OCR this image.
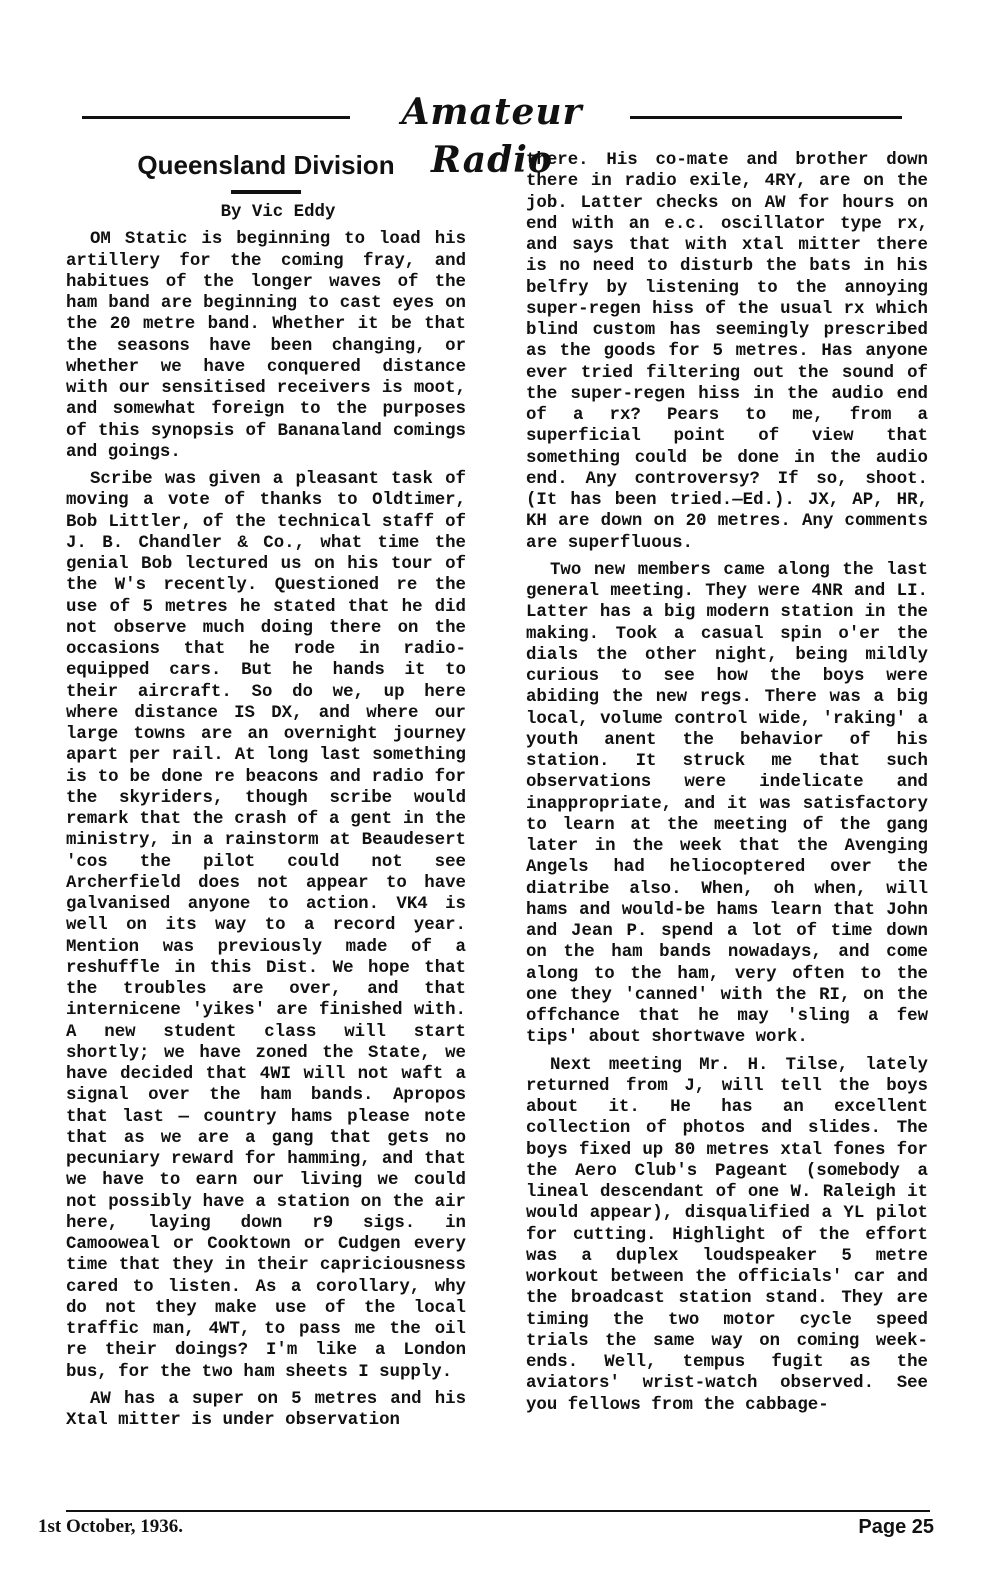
Amateur Radio
Queensland Division

By Vic Eddy

OM Static is beginning to load his artillery for the coming fray, and habitues of the longer waves of the ham band are beginning to cast eyes on the 20 metre band. Whether it be that the seasons have been changing, or whether we have conquered distance with our sensitised receivers is moot, and somewhat foreign to the purposes of this synopsis of Bananaland comings and goings.

Scribe was given a pleasant task of moving a vote of thanks to Oldtimer, Bob Littler, of the technical staff of J. B. Chandler & Co., what time the genial Bob lectured us on his tour of the W's recently. Questioned re the use of 5 metres he stated that he did not observe much doing there on the occasions that he rode in radio-equipped cars. But he hands it to their aircraft. So do we, up here where distance IS DX, and where our large towns are an overnight journey apart per rail. At long last something is to be done re beacons and radio for the skyriders, though scribe would remark that the crash of a gent in the ministry, in a rainstorm at Beaudesert 'cos the pilot could not see Archerfield does not appear to have galvanised anyone to action. VK4 is well on its way to a record year. Mention was previously made of a reshuffle in this Dist. We hope that the troubles are over, and that internicene 'yikes' are finished with. A new student class will start shortly; we have zoned the State, we have decided that 4WI will not waft a signal over the ham bands. Apropos that last — country hams please note that as we are a gang that gets no pecuniary reward for hamming, and that we have to earn our living we could not possibly have a station on the air here, laying down r9 sigs. in Camooweal or Cooktown or Cudgen every time that they in their capriciousness cared to listen. As a corollary, why do not they make use of the local traffic man, 4WT, to pass me the oil re their doings? I'm like a London bus, for the two ham sheets I supply.

AW has a super on 5 metres and his Xtal mitter is under observation

there. His co-mate and brother down there in radio exile, 4RY, are on the job. Latter checks on AW for hours on end with an e.c. oscillator type rx, and says that with xtal mitter there is no need to disturb the bats in his belfry by listening to the annoying super-regen hiss of the usual rx which blind custom has seemingly prescribed as the goods for 5 metres. Has anyone ever tried filtering out the sound of the super-regen hiss in the audio end of a rx? Pears to me, from a superficial point of view that something could be done in the audio end. Any controversy? If so, shoot. (It has been tried.—Ed.). JX, AP, HR, KH are down on 20 metres. Any comments are superfluous.

Two new members came along the last general meeting. They were 4NR and LI. Latter has a big modern station in the making. Took a casual spin o'er the dials the other night, being mildly curious to see how the boys were abiding the new regs. There was a big local, volume control wide, 'raking' a youth anent the behavior of his station. It struck me that such observations were indelicate and inappropriate, and it was satisfactory to learn at the meeting of the gang later in the week that the Avenging Angels had heliocoptered over the diatribe also. When, oh when, will hams and would-be hams learn that John and Jean P. spend a lot of time down on the ham bands nowadays, and come along to the ham, very often to the one they 'canned' with the RI, on the offchance that he may 'sling a few tips' about shortwave work.

Next meeting Mr. H. Tilse, lately returned from J, will tell the boys about it. He has an excellent collection of photos and slides. The boys fixed up 80 metres xtal fones for the Aero Club's Pageant (somebody a lineal descendant of one W. Raleigh it would appear), disqualified a YL pilot for cutting. Highlight of the effort was a duplex loudspeaker 5 metre workout between the officials' car and the broadcast station stand. They are timing the two motor cycle speed trials the same way on coming week-ends. Well, tempus fugit as the aviators' wrist-watch observed. See you fellows from the cabbage-

1st October, 1936.	Page 25
